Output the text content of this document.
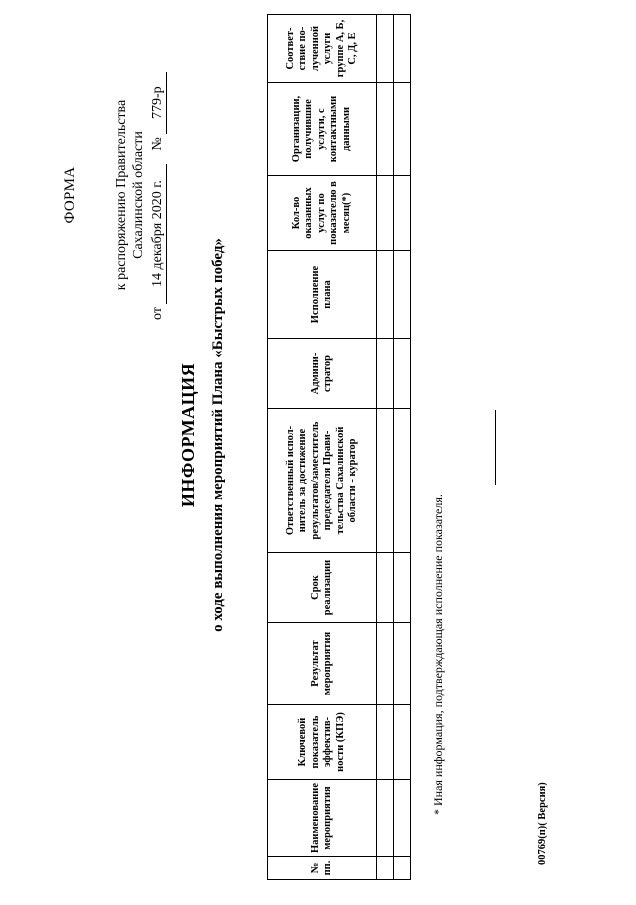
ФОРМА	к распоряжению Правительства Сахалинской области
от 14 декабря 2020 г.  № 779-р
ИНФОРМАЦИЯ о ходе выполнения мероприятий Плана «Быстрых побед»
№ пп.	Наименование мероприятия	Ключевой показатель эффектив-ности (КПЭ)	Результат мероприятия	Срок реализации	Ответственный испол-нитель за достижение результатов/заместитель председателя Прави-тельства Сахалинской области - куратор	Админи-стратор	Исполнение плана	Кол-во оказанных услуг по показателю в месяц(*)	Организации, получившие услуги, с контактными данными	Соответ-ствие по-лученной услуги группе А, Б, С, Д, Е

* Иная информация, подтверждающая исполнение показателя.
00769(п)( Версия)
